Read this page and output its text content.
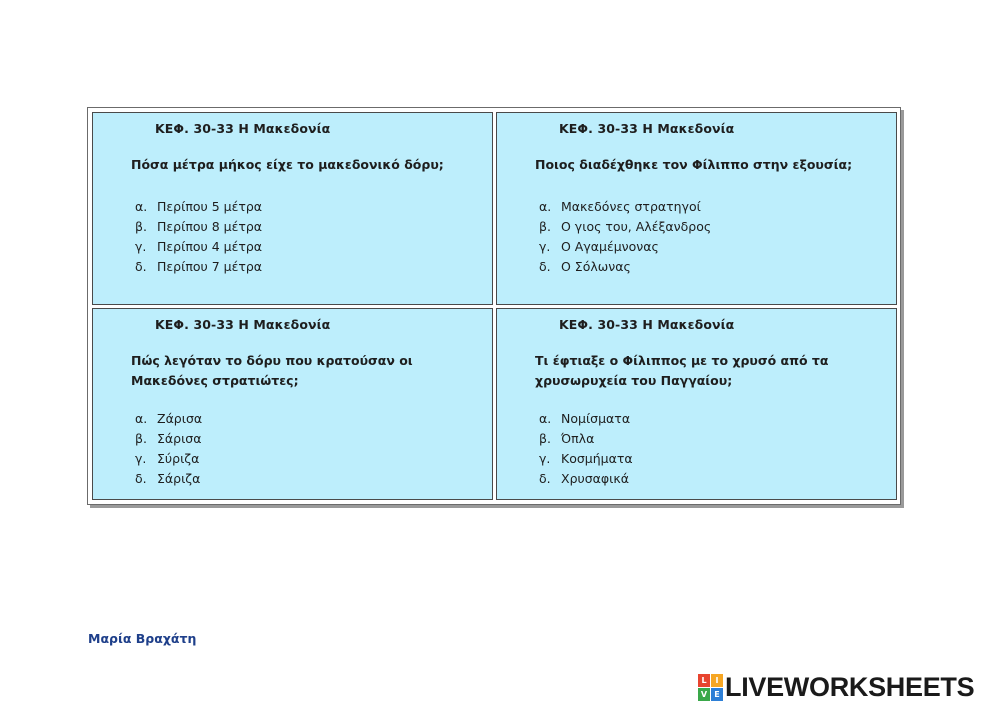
ΚΕΦ. 30-33 Η Μακεδονία
Πόσα μέτρα μήκος είχε το μακεδονικό δόρυ;
α. Περίπου 5 μέτρα
β. Περίπου 8 μέτρα
γ. Περίπου 4 μέτρα
δ. Περίπου 7 μέτρα
ΚΕΦ. 30-33 Η Μακεδονία
Ποιος διαδέχθηκε τον Φίλιππο στην εξουσία;
α. Μακεδόνες στρατηγοί
β. Ο γιος του, Αλέξανδρος
γ. Ο Αγαμέμνονας
δ. Ο Σόλωνας
ΚΕΦ. 30-33 Η Μακεδονία
Πώς λεγόταν το δόρυ που κρατούσαν οι Μακεδόνες στρατιώτες;
α. Ζάρισα
β. Σάρισα
γ. Σύριζα
δ. Σάριζα
ΚΕΦ. 30-33 Η Μακεδονία
Τι έφτιαξε ο Φίλιππος με το χρυσό από τα χρυσωρυχεία του Παγγαίου;
α. Νομίσματα
β. Όπλα
γ. Κοσμήματα
δ. Χρυσαφικά
Μαρία Βραχάτη
L	I
V E LIVEWORKSHEETS
